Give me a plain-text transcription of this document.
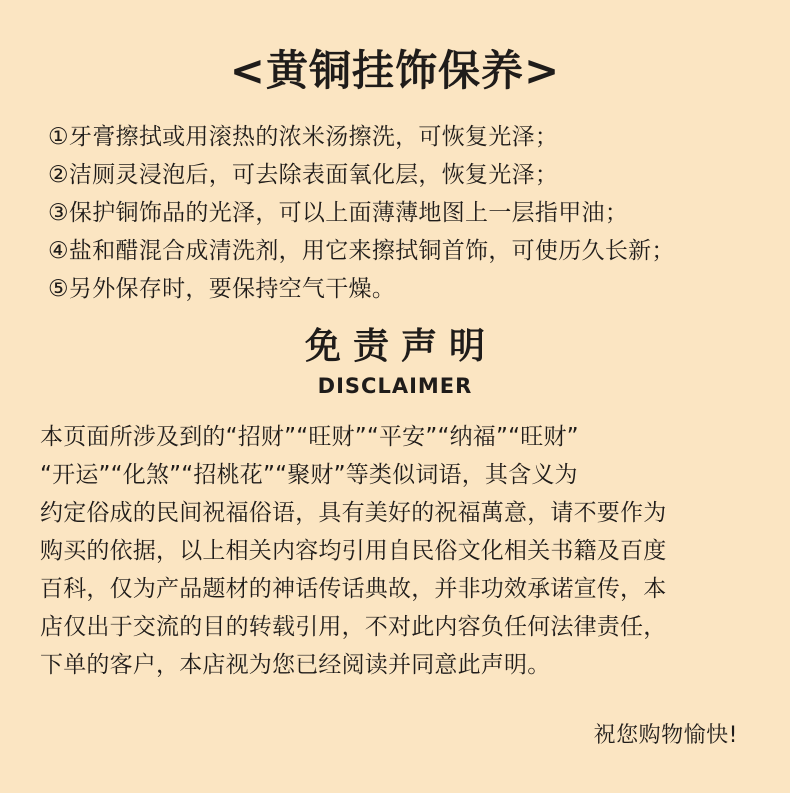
<黄铜挂饰保养>
①牙膏擦拭或用滚热的浓米汤擦洗，可恢复光泽；
②洁厕灵浸泡后，可去除表面氧化层，恢复光泽；
③保护铜饰品的光泽，可以上面薄薄地图上一层指甲油；
④盐和醋混合成清洗剂，用它来擦拭铜首饰，可使历久长新；
⑤另外保存时，要保持空气干燥。
免责声明
DISCLAIMER
本页面所涉及到的“招财”“旺财”“平安”“纳福”“旺财”
“开运”“化煞”“招桃花”“聚财”等类似词语，其含义为
约定俗成的民间祝福俗语，具有美好的祝福萬意，请不要作为
购买的依据，以上相关内容均引用自民俗文化相关书籍及百度
百科，仅为产品题材的神话传话典故，并非功效承诺宣传，本
店仅出于交流的目的转载引用，不对此内容负任何法律责任，
下单的客户，本店视为您已经阅读并同意此声明。
祝您购物愉快!
